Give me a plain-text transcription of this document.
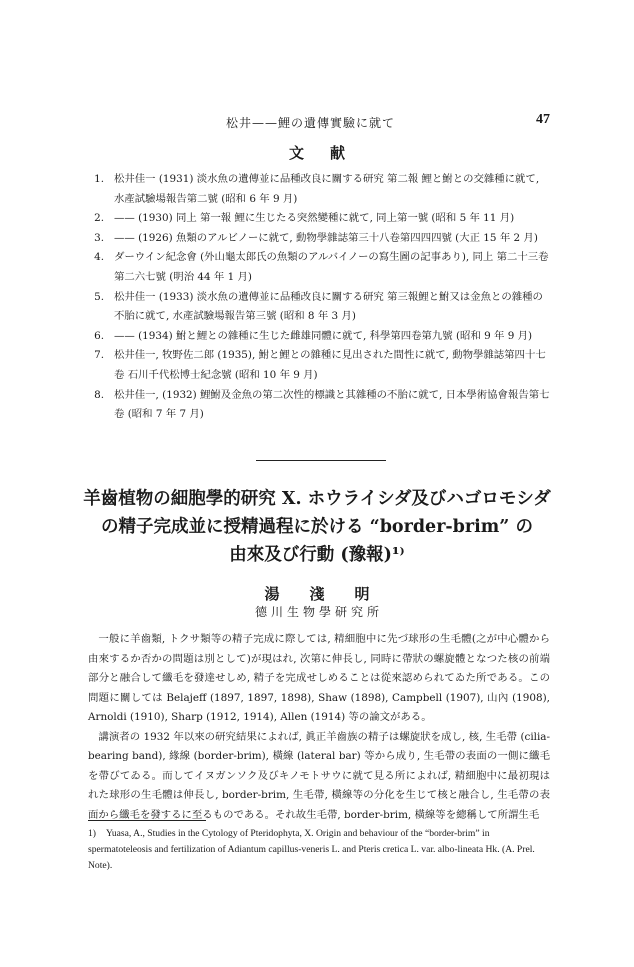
松井——鯉の遺傳實驗に就て	47
文献
1. 松井佳一 (1931) 淡水魚の遺傳並に品種改良に關する研究 第二報 鯉と鮒との交雜種に就て, 水產試驗場報告第二號 (昭和 6 年 9 月)
2. —— (1930) 同上 第一報 鯉に生じたる突然變種に就て, 同上第一號 (昭和 5 年 11 月)
3. —— (1926) 魚類のアルビノーに就て, 動物學雜誌第三十八卷第四四四號 (大正 15 年 2 月)
4. ダーウイン紀念會 (外山龜太郎氏の魚類のアルバイノーの寫生圖の記事あり), 同上 第二十三卷第二六七號 (明治 44 年 1 月)
5. 松井佳一 (1933) 淡水魚の遺傳並に品種改良に關する研究 第三報鯉と鮒又は金魚との雜種の不胎に就て, 水產試驗場報告第三號 (昭和 8 年 3 月)
6. —— (1934) 鮒と鯉との雜種に生じた雌雄同體に就て, 科學第四卷第九號 (昭和 9 年 9 月)
7. 松井佳一, 牧野佐二郎 (1935), 鮒と鯉との雜種に見出された間性に就て, 動物學雜誌第四十七卷 石川千代松博士紀念號 (昭和 10 年 9 月)
8. 松井佳一, (1932) 鯉鮒及金魚の第二次性的標識と其雜種の不胎に就て, 日本學術協會報告第七卷 (昭和 7 年 7 月)
羊齒植物の細胞學的研究 X. ホウライシダ及びハゴロモシダ
の精子完成並に授精過程に於ける “border-brim” の
由來及び行動 (豫報)¹⁾
湯淺明
德川生物學研究所

一般に羊齒類, トクサ類等の精子完成に際しては, 精細胞中に先づ球形の生毛體(之が中心體から由來するか否かの問題は別として)が現はれ, 次第に伸長し, 同時に帶狀の螺旋體となつた核の前端部分と融合して纖毛を發達せしめ, 精子を完成せしめることは從來認められてゐた所である。この問題に關しては Belajeff (1897, 1897, 1898), Shaw (1898), Campbell (1907), 山內 (1908), Arnoldi (1910), Sharp (1912, 1914), Allen (1914) 等の論文がある。

講演者の 1932 年以來の研究結果によれば, 眞正羊齒族の精子は螺旋狀を成し, 核, 生毛帶 (cilia-bearing band), 緣線 (border-brim), 橫線 (lateral bar) 等から成り, 生毛帶の表面の一側に纖毛を帶びてゐる。而してイヌガンソク及びキノモトサウに就て見る所によれば, 精細胞中に最初現はれた球形の生毛體は伸長し, border-brim, 生毛帶, 橫線等の分化を生じて核と融合し, 生毛帶の表面から纖毛を發するに至るものである。それ故生毛帶, border-brim, 橫線等を總稱して所謂生毛

1) Yuasa, A., Studies in the Cytology of Pteridophyta, X. Origin and behaviour of the “border-brim” in spermatoteleosis and fertilization of Adiantum capillus-veneris L. and Pteris cretica L. var. albo-lineata Hk. (A. Prel. Note).
